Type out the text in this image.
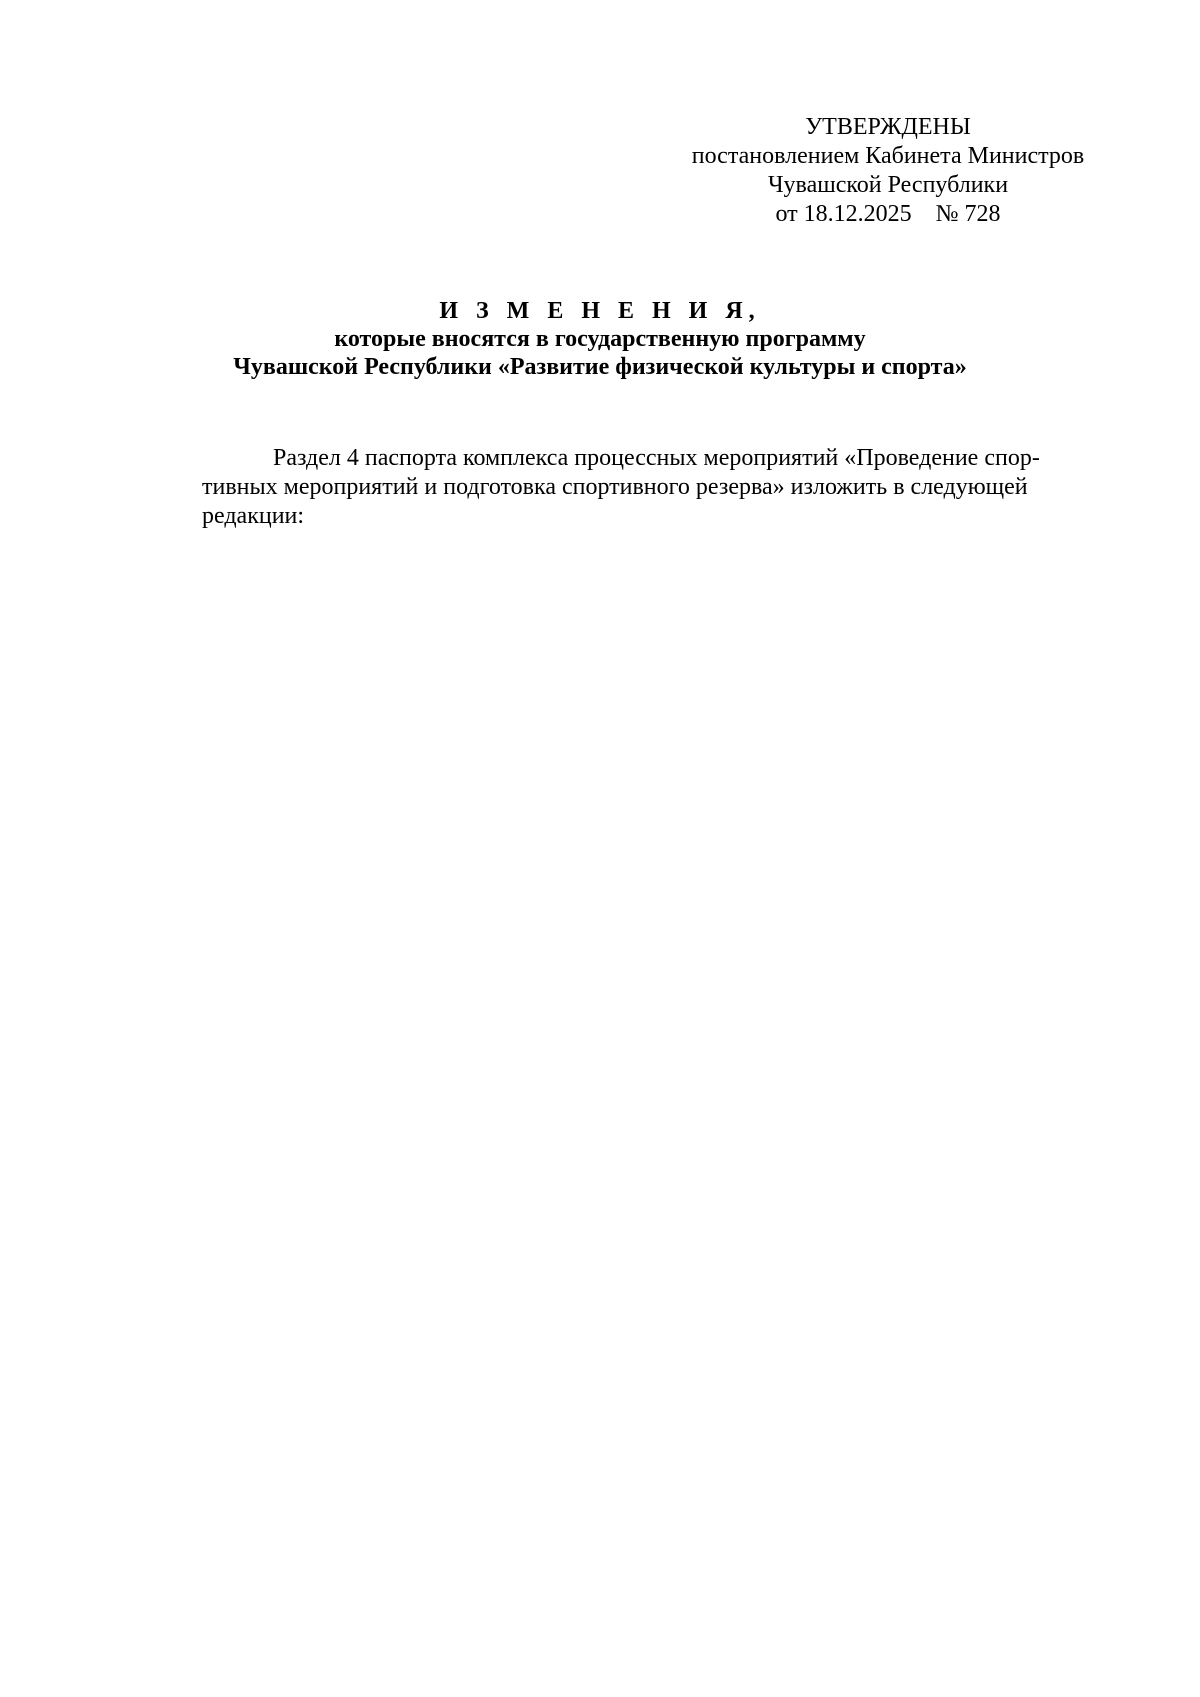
УТВЕРЖДЕНЫ
постановлением Кабинета Министров
Чувашской Республики
от 18.12.2025    № 728
И З М Е Н Е Н И Я,
которые вносятся в государственную программу
Чувашской Республики «Развитие физической культуры и спорта»
Раздел 4 паспорта комплекса процессных мероприятий «Проведение спор-
тивных мероприятий и подготовка спортивного резерва» изложить в следующей
редакции:
